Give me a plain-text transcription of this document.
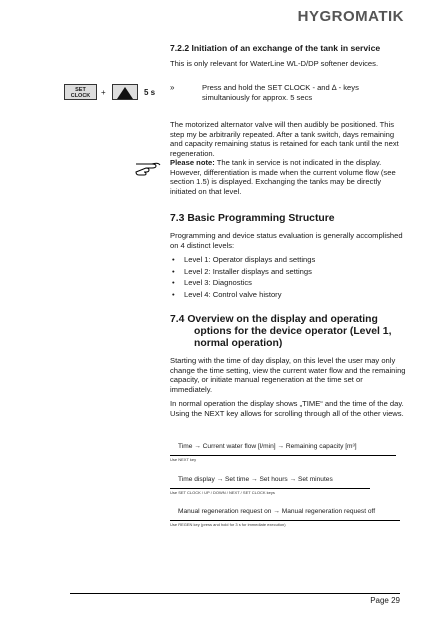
HYGROMATIK
7.2.2 Initiation of an exchange of the tank in service

This is only relevant for WaterLine WL-D/DP softener devices.

SET CLOCK	+	5 s
»	Press and hold the SET CLOCK - and ∆ - keys simultaniously for approx. 5 secs
The motorized alternator valve will then audibly be positioned. This step my be arbitrarily repeated. After a tank switch, days remaining and capacity remaining status is retained for each tank until the next regeneration.
Please note: The tank in service is not indicated in the display. However, differentiation is made when the current volume flow (see section 1.5) is displayed. Exchanging the tanks may be directly initiated on that level.
7.3 Basic Programming Structure

Programming and device status evaluation is generally accomplished on 4 distinct levels:

• Level 1: Operator displays and settings
• Level 2: Installer displays and settings
• Level 3: Diagnostics
• Level 4: Control valve history
7.4 Overview on the display and operating
options for the device operator (Level 1,
normal operation)

Starting with the time of day display, on this level the user may only change the time setting, view the current water flow and the remaining capacity, or initiate manual regeneration at the time set or immediately.

In normal operation the display shows „TIME“ and the time of the day. Using the NEXT key allows for scrolling through all of the other views.

Time → Current water flow [l/min] → Remaining capacity [m³]
Use NEXT key
Time display → Set time → Set hours → Set minutes
Use SET CLOCK / UP / DOWN / NEXT / SET CLOCK keys
Manual regeneration request on → Manual regeneration request off
Use REGEN key (press and hold for 3 s for immediate execution)
Page 29
